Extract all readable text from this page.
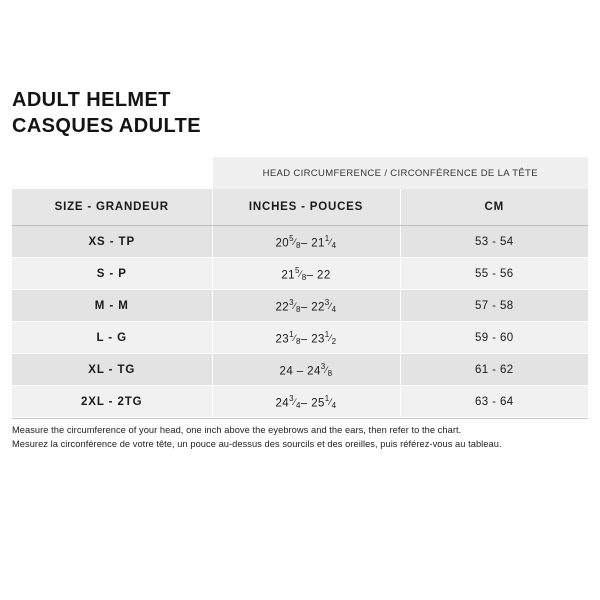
ADULT HELMET
CASQUES ADULTE
	HEAD CIRCUMFERENCE / CIRCONFÉRENCE DE LA TÊTE	
SIZE - GRANDEUR	INCHES - POUCES	CM
XS - TP	$20^5⁄_8-$ $21^1⁄_4$	53 - 54
S - P	$21^5⁄_8-$ 22	55 - 56
M - M	$22^3⁄_8-$ $22^3⁄_4$	57 - 58
L - G	$23^1⁄_8-$ $23^1⁄_2$	59 - 60
XL - TG	$24 - 24^3⁄_8$	61 - 62
2XL - 2TG	$24^3⁄_4-$ $25^1⁄_4$	63 - 64
Measure the circumference of your head, one inch above the eyebrows and the ears, then refer to the chart.
Mesurez la circonférence de votre tête, un pouce au-dessus des sourcils et des oreilles, puis référez-vous au tableau.
